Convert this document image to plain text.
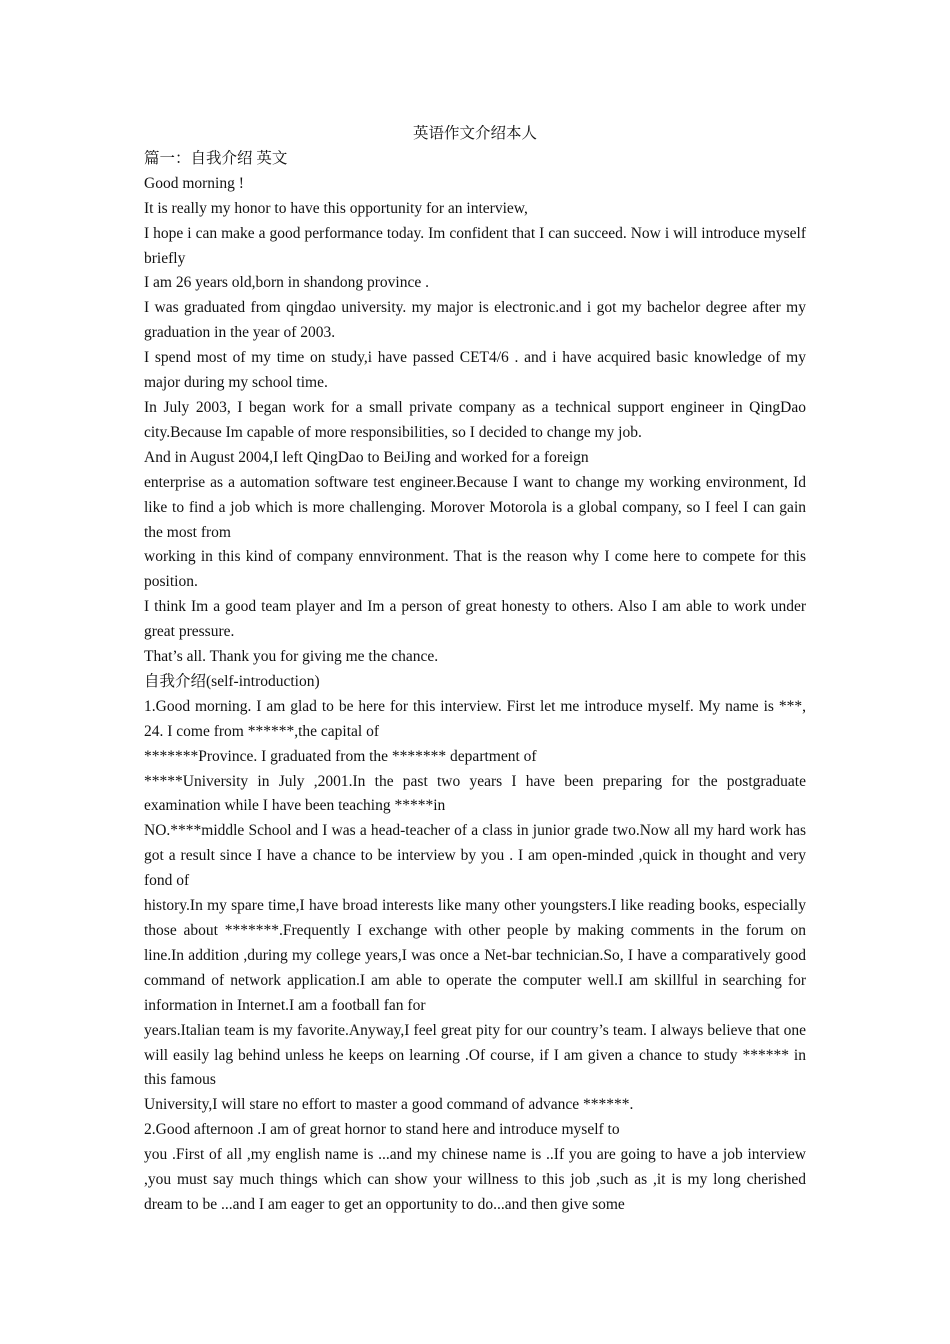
英语作文介绍本人

篇一：自我介绍 英文

Good morning !

It is really my honor to have this opportunity for an interview,

I hope i can make a good performance today. Im confident that I can succeed. Now i will introduce myself briefly

I am 26 years old,born in shandong province .

I was graduated from qingdao university. my major is electronic.and i got my bachelor degree after my graduation in the year of 2003.

I spend most of my time on study,i have passed CET4/6 . and i have acquired basic knowledge of my major during my school time.

In July 2003, I began work for a small private company as a technical support engineer in QingDao city.Because Im capable of more responsibilities, so I decided to change my job.

And in August 2004,I left QingDao to BeiJing and worked for a foreign

enterprise as a automation software test engineer.Because I want to change my working environment, Id like to find a job which is more challenging. Morover Motorola is a global company, so I feel I can gain the most from

working in this kind of company ennvironment. That is the reason why I come here to compete for this position.

I think Im a good team player and Im a person of great honesty to others. Also I am able to work under great pressure.

That’s all. Thank you for giving me the chance.

自我介绍(self-introduction)

1.Good morning. I am glad to be here for this interview. First let me introduce myself. My name is ***, 24. I come from ******,the capital of

*******Province. I graduated from the ******* department of

*****University in July ,2001.In the past two years I have been preparing for the postgraduate examination while I have been teaching *****in

NO.****middle School and I was a head-teacher of a class in junior grade two.Now all my hard work has got a result since I have a chance to be interview by you . I am open-minded ,quick in thought and very fond of

history.In my spare time,I have broad interests like many other youngsters.I like reading books, especially those about *******.Frequently I exchange with other people by making comments in the forum on line.In addition ,during my college years,I was once a Net-bar technician.So, I have a comparatively good command of network application.I am able to operate the computer well.I am skillful in searching for information in Internet.I am a football fan for

years.Italian team is my favorite.Anyway,I feel great pity for our country’s team. I always believe that one will easily lag behind unless he keeps on learning .Of course, if I am given a chance to study ****** in this famous

University,I will stare no effort to master a good command of advance ******.

2.Good afternoon .I am of great hornor to stand here and introduce myself to

you .First of all ,my english name is ...and my chinese name is ..If you are going to have a job interview ,you must say much things which can show your willness to this job ,such as ,it is my long cherished dream to be ...and I am eager to get an opportunity to do...and then give some
